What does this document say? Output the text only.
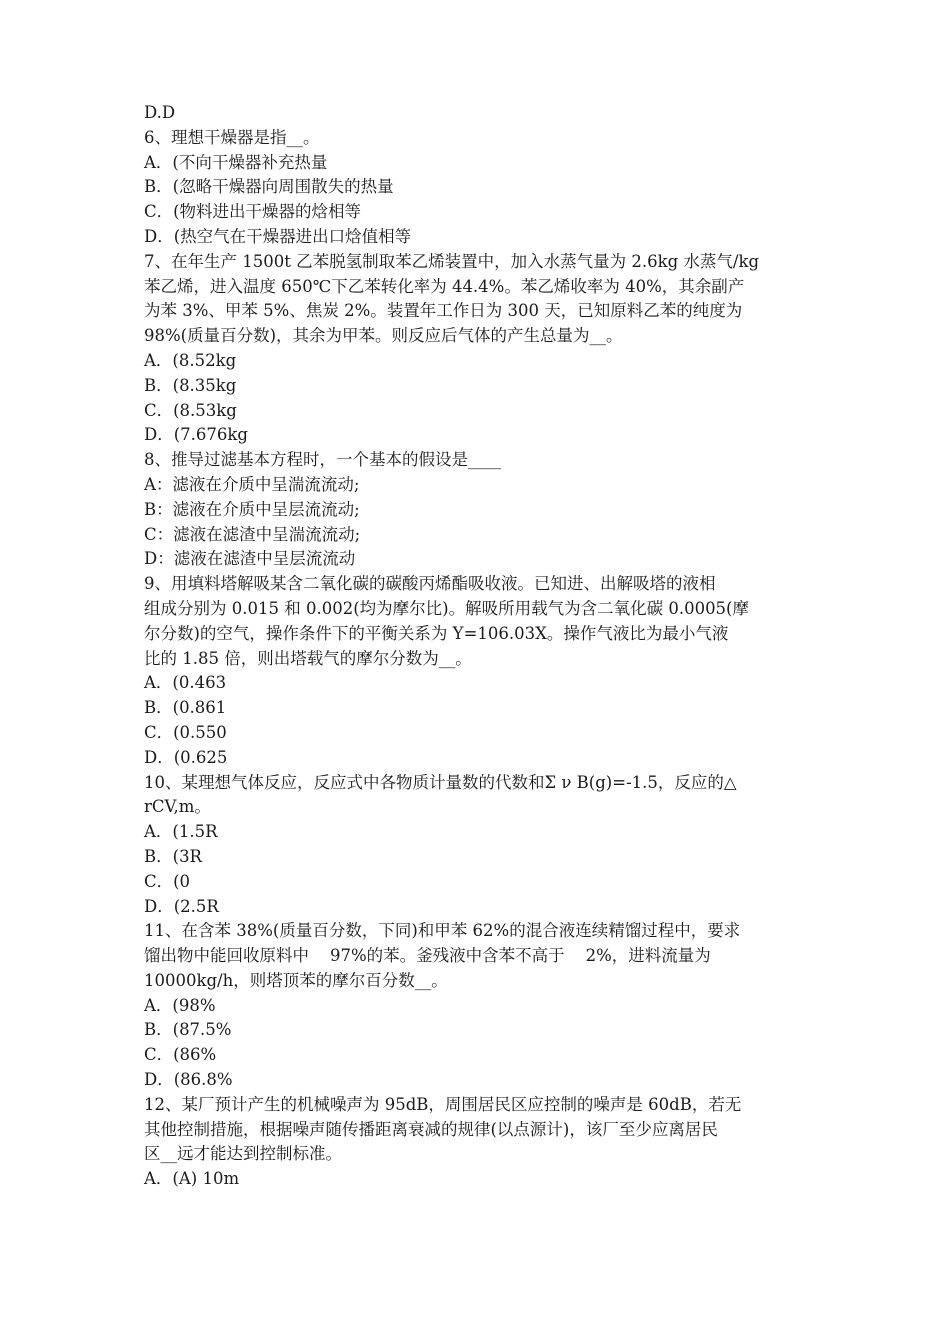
D.D
6、理想干燥器是指__。
A．(不向干燥器补充热量
B．(忽略干燥器向周围散失的热量
C．(物料进出干燥器的焓相等
D．(热空气在干燥器进出口焓值相等
7、在年生产 1500t 乙苯脱氢制取苯乙烯装置中，加入水蒸气量为 2.6kg 水蒸气/kg
苯乙烯，进入温度 650℃下乙苯转化率为 44.4%。苯乙烯收率为 40%，其余副产
为苯 3%、甲苯 5%、焦炭 2%。装置年工作日为 300 天，已知原料乙苯的纯度为
98%(质量百分数)，其余为甲苯。则反应后气体的产生总量为__。
A．(8.52kg
B．(8.35kg
C．(8.53kg
D．(7.676kg
8、推导过滤基本方程时，一个基本的假设是____
A：滤液在介质中呈湍流流动;
B：滤液在介质中呈层流流动;
C：滤液在滤渣中呈湍流流动;
D：滤液在滤渣中呈层流流动
9、用填料塔解吸某含二氧化碳的碳酸丙烯酯吸收液。已知进、出解吸塔的液相
组成分别为 0.015 和 0.002(均为摩尔比)。解吸所用载气为含二氧化碳 0.0005(摩
尔分数)的空气，操作条件下的平衡关系为 Y=106.03X。操作气液比为最小气液
比的 1.85 倍，则出塔载气的摩尔分数为__。
A．(0.463
B．(0.861
C．(0.550
D．(0.625
10、某理想气体反应，反应式中各物质计量数的代数和Σ ν B(g)=-1.5，反应的△
rCV,m。
A．(1.5R
B．(3R
C．(0
D．(2.5R
11、在含苯 38%(质量百分数，下同)和甲苯 62%的混合液连续精馏过程中，要求
馏出物中能回收原料中    97%的苯。釜残液中含苯不高于    2%，进料流量为
10000kg/h，则塔顶苯的摩尔百分数__。
A．(98%
B．(87.5%
C．(86%
D．(86.8%
12、某厂预计产生的机械噪声为 95dB，周围居民区应控制的噪声是 60dB，若无
其他控制措施，根据噪声随传播距离衰减的规律(以点源计)，该厂至少应离居民
区__远才能达到控制标准。
A．(A) 10m
